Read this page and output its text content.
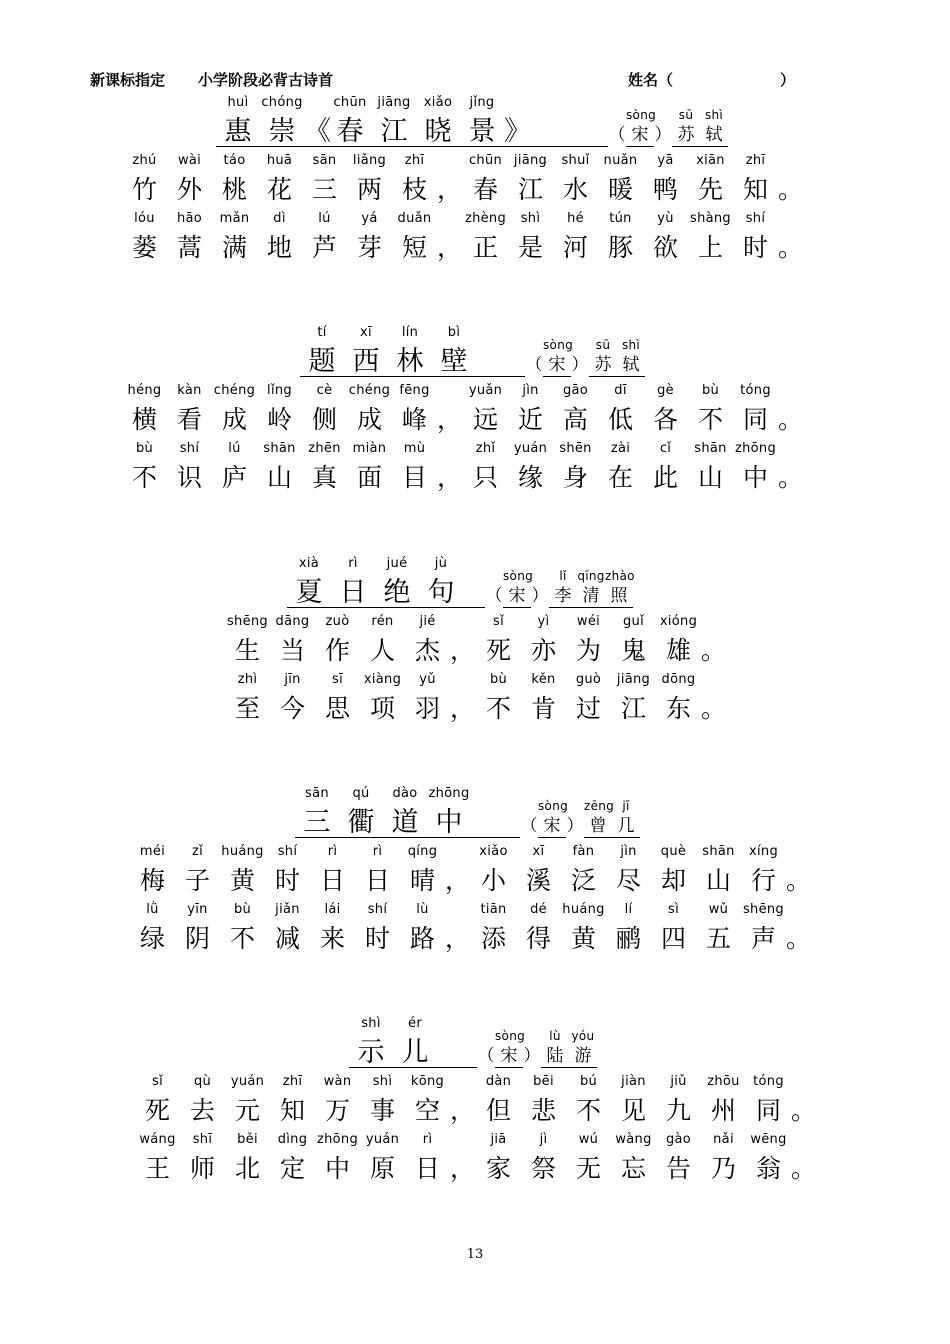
新课标指定 小学阶段必背古诗首	姓名（	）
huì
惠
chóng
崇 《
chūn
春
jiāng
江
xiǎo
晓
jǐng
景 》	（
sòng
宋 ）
sū
苏
shì
轼
zhú
竹
wài
外
táo
桃
huā
花
sān
三
liǎng
两
zhī
枝 ，
chūn
春
jiāng
江
shuǐ
水
nuǎn
暖
yā
鸭
xiān
先
zhī
知 。
lóu
蒌
hāo
蒿
mǎn
满
dì
地
lú
芦
yá
芽
duǎn
短 ，
zhèng
正
shì
是
hé
河
tún
豚
yù
欲
shàng
上
shí
时 。
tí
题
xī
西
lín
林
bì
壁	（
sòng
宋 ）
sū
苏
shì
轼
héng
横
kàn
看
chéng
成
lǐng
岭
cè
侧
chéng
成
fēng
峰 ，
yuǎn
远
jìn
近
gāo
高
dī
低
gè
各
bù
不
tóng
同 。
bù
不
shí
识
lú
庐
shān
山
zhēn
真
miàn
面
mù
目 ，
zhǐ
只
yuán
缘
shēn
身
zài
在
cǐ
此
shān
山
zhōng
中 。
xià
夏
rì
日
jué
绝
jù
句	（
sòng
宋 ）
lǐ
李
qīng
清
zhào
照
shēng
生
dāng
当
zuò
作
rén
人
jié
杰 ，
sǐ
死
yì
亦
wéi
为
guǐ
鬼
xióng
雄 。
zhì
至
jīn
今
sī
思
xiàng
项
yǔ
羽 ，
bù
不
kěn
肯
guò
过
jiāng
江
dōng
东 。
sān
三
qú
衢
dào
道
zhōng
中	（
sòng
宋 ）
zēng
曾
jī
几
méi
梅
zǐ
子
huáng
黄
shí
时
rì
日
rì
日
qíng
晴 ，
xiǎo
小
xī
溪
fàn
泛
jìn
尽
què
却
shān
山
xíng
行 。
lǜ
绿
yīn
阴
bù
不
jiǎn
减
lái
来
shí
时
lù
路 ，
tiān
添
dé
得
huáng
黄
lí
鹂
sì
四
wǔ
五
shēng
声 。
shì
示
ér
儿	（
sòng
宋 ）
lù
陆
yóu
游
sǐ
死
qù
去
yuán
元
zhī
知
wàn
万
shì
事
kōng
空 ，
dàn
但
bēi
悲
bú
不
jiàn
见
jiǔ
九
zhōu
州
tóng
同 。
wáng
王
shī
师
běi
北
dìng
定
zhōng
中
yuán
原
rì
日 ，
jiā
家
jì
祭
wú
无
wàng
忘
gào
告
nǎi
乃
wēng
翁 。
13
